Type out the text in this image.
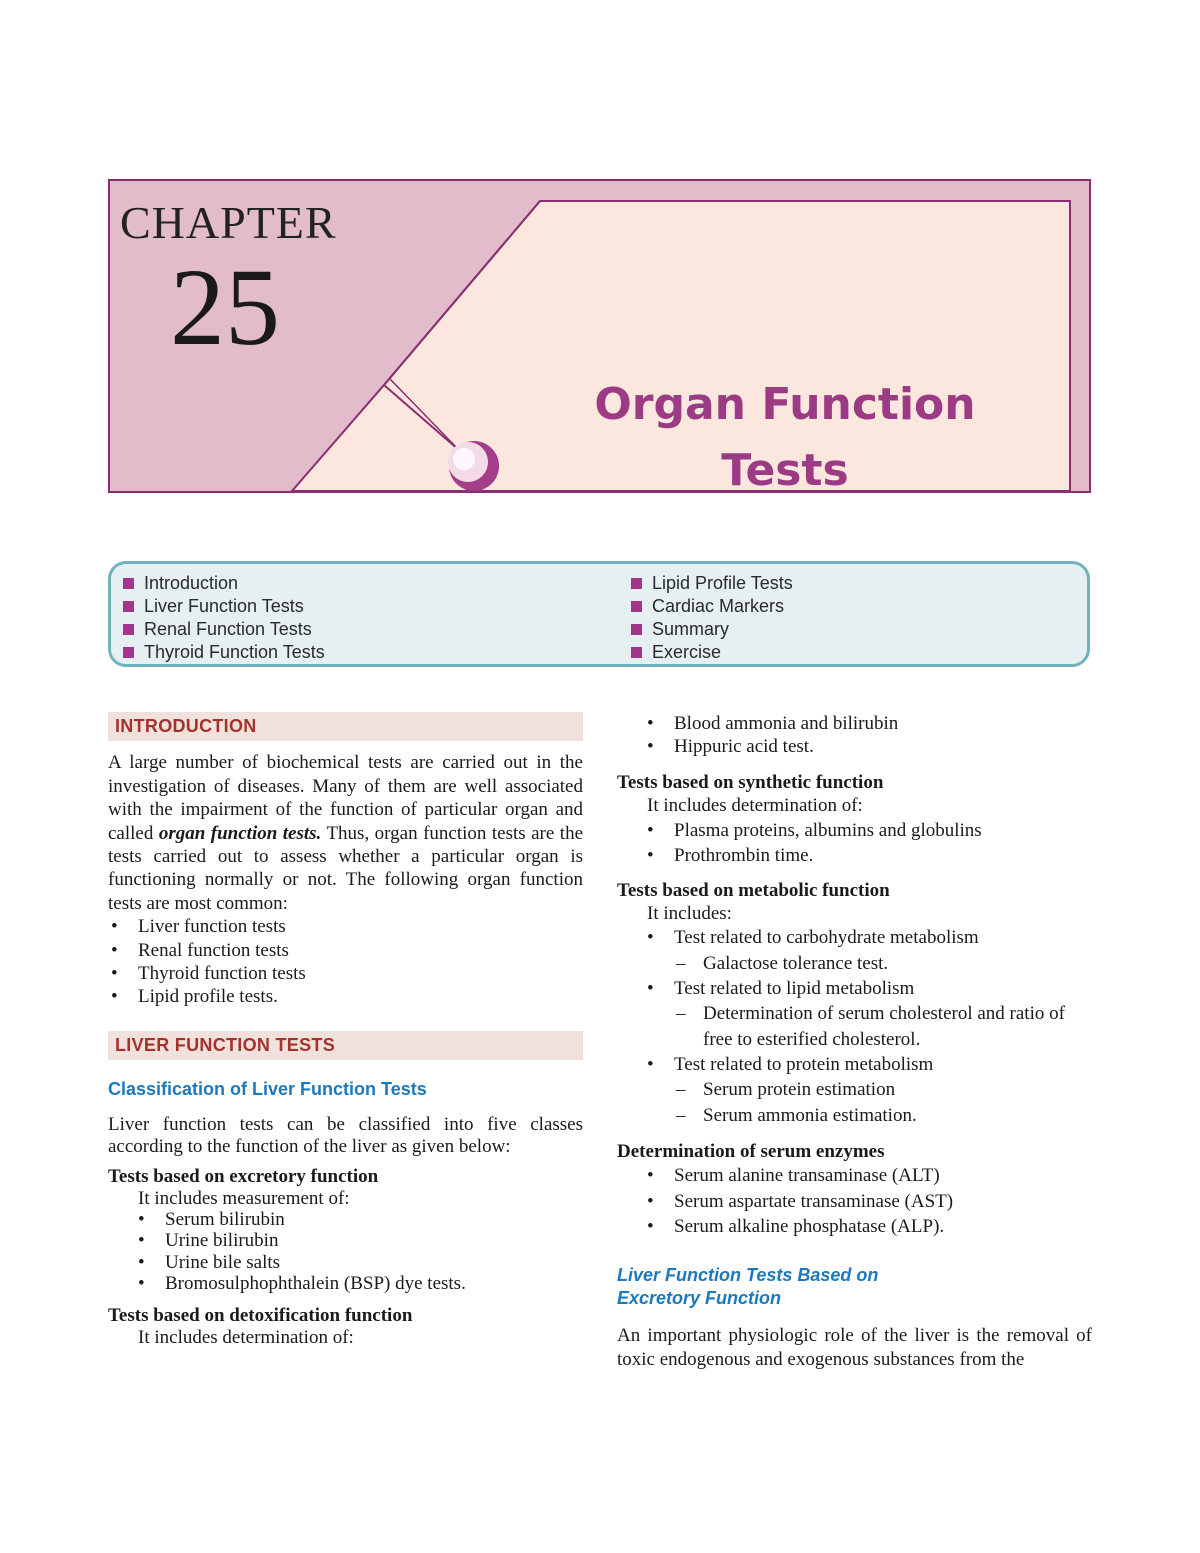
CHAPTER
25
Organ Function
Tests
Introduction
Liver Function Tests
Renal Function Tests
Thyroid Function Tests
Lipid Profile Tests
Cardiac Markers
Summary
Exercise
INTRODUCTION

A large number of biochemical tests are carried out in the investigation of diseases. Many of them are well associated with the impairment of the function of particular organ and called organ function tests. Thus, organ function tests are the tests carried out to assess whether a particular organ is functioning normally or not. The following organ function tests are most common:

• Liver function tests
• Renal function tests
• Thyroid function tests
• Lipid profile tests.
LIVER FUNCTION TESTS
Classification of Liver Function Tests

Liver function tests can be classified into five classes according to the function of the liver as given below:

Tests based on excretory function
It includes measurement of:
• Serum bilirubin
• Urine bilirubin
• Urine bile salts
• Bromosulphophthalein (BSP) dye tests.
Tests based on detoxification function
It includes determination of:
• Blood ammonia and bilirubin
• Hippuric acid test.
Tests based on synthetic function
It includes determination of:
• Plasma proteins, albumins and globulins
• Prothrombin time.
Tests based on metabolic function
It includes:
• Test related to carbohydrate metabolism
– Galactose tolerance test.
• Test related to lipid metabolism
– Determination of serum cholesterol and ratio of free to esterified cholesterol.
• Test related to protein metabolism
– Serum protein estimation
– Serum ammonia estimation.
Determination of serum enzymes
• Serum alanine transaminase (ALT)
• Serum aspartate transaminase (AST)
• Serum alkaline phosphatase (ALP).
Liver Function Tests Based on
Excretory Function

An important physiologic role of the liver is the removal of toxic endogenous and exogenous substances from the
